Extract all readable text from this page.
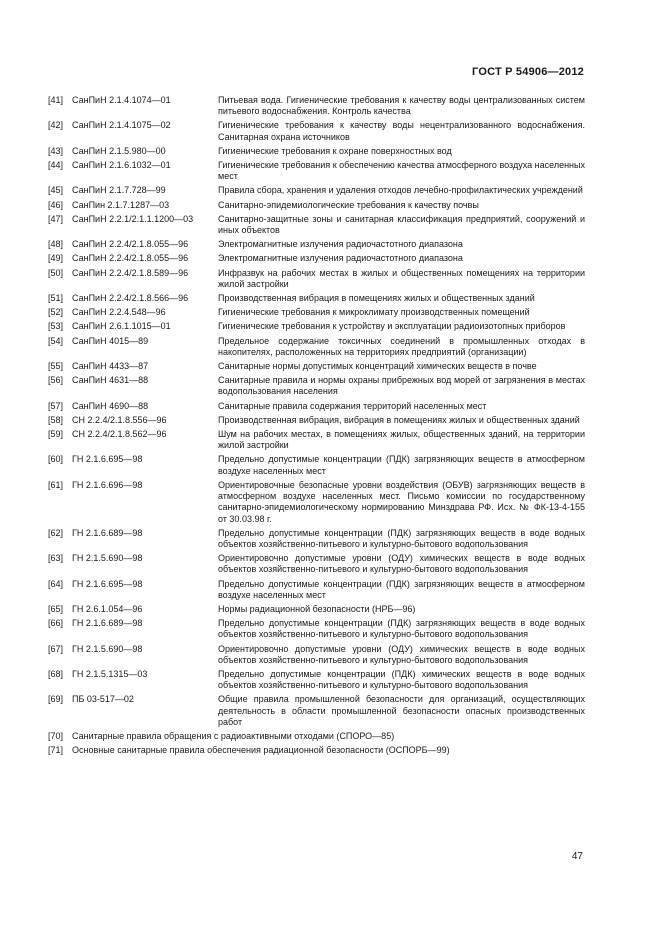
ГОСТ Р 54906—2012
[41] СанПиН 2.1.4.1074—01	Питьевая вода. Гигиенические требования к качеству воды централизованных систем питьевого водоснабжения. Контроль качества
[42] СанПиН 2.1.4.1075—02	Гигиенические требования к качеству воды нецентрализованного водоснабжения. Санитарная охрана источников
[43] СанПиН 2.1.5.980—00	Гигиенические требования к охране поверхностных вод
[44] СанПиН 2.1.6.1032—01	Гигиенические требования к обеспечению качества атмосферного воздуха населенных мест
[45] СанПиН 2.1.7.728—99	Правила сбора, хранения и удаления отходов лечебно-профилактических учреждений
[46] СанПин 2.1.7.1287—03	Санитарно-эпидемиологические требования к качеству почвы
[47] СанПиН 2.2.1/2.1.1.1200—03	Санитарно-защитные зоны и санитарная классификация предприятий, сооружений и иных объектов
[48] СанПиН 2.2.4/2.1.8.055—96	Электромагнитные излучения радиочастотного диапазона
[49] СанПиН 2.2.4/2.1.8.055—96	Электромагнитные излучения радиочастотного диапазона
[50] СанПиН 2.2.4/2.1.8.589—96	Инфразвук на рабочих местах в жилых и общественных помещениях на территории жилой застройки
[51] СанПиН 2.2.4/2.1.8.566—96	Производственная вибрация в помещениях жилых и общественных зданий
[52] СанПиН 2.2.4.548—96	Гигиенические требования к микроклимату производственных помещений
[53] СанПиН 2.6.1.1015—01	Гигиенические требования к устройству и эксплуатации радиоизотопных приборов
[54] СанПиН 4015—89	Предельное содержание токсичных соединений в промышленных отходах в накопителях, расположенных на территориях предприятий (организации)
[55] СанПиН 4433—87	Санитарные нормы допустимых концентраций химических веществ в почве
[56] СанПиН 4631—88	Санитарные правила и нормы охраны прибрежных вод морей от загрязнения в местах водопользования населения
[57] СанПиН 4690—88	Санитарные правила содержания территорий населенных мест
[58] СН 2.2.4/2.1.8.556—96	Производственная вибрация, вибрация в помещениях жилых и общественных зданий
[59] СН 2.2.4/2.1.8.562—96	Шум на рабочих местах, в помещениях жилых, общественных зданий, на территории жилой застройки
[60] ГН 2.1.6.695—98	Предельно допустимые концентрации (ПДК) загрязняющих веществ в атмосферном воздухе населенных мест
[61] ГН 2.1.6.696—98	Ориентировочные безопасные уровни воздействия (ОБУВ) загрязняющих веществ в атмосферном воздухе населенных мест. Письмо комиссии по государственному санитарно-эпидемиологическому нормированию Минздрава РФ. Исх. № ФК-13-4-155 от 30.03.98 г.
[62] ГН 2.1.6.689—98	Предельно допустимые концентрации (ПДК) загрязняющих веществ в воде водных объектов хозяйственно-питьевого и культурно-бытового водопользования
[63] ГН 2.1.5.690—98	Ориентировочно допустимые уровни (ОДУ) химических веществ в воде водных объектов хозяйственно-питьевого и культурно-бытового водопользования
[64] ГН 2.1.6.695—98	Предельно допустимые концентрации (ПДК) загрязняющих веществ в атмосферном воздухе населенных мест
[65] ГН 2.6.1.054—96	Нормы радиационной безопасности (НРБ—96)
[66] ГН 2.1.6.689—98	Предельно допустимые концентрации (ПДК) загрязняющих веществ в воде водных объектов хозяйственно-питьевого и культурно-бытового водопользования
[67] ГН 2.1.5.690—98	Ориентировочно допустимые уровни (ОДУ) химических веществ в воде водных объектов хозяйственно-питьевого и культурно-бытового водопользования
[68] ГН 2.1.5.1315—03	Предельно допустимые концентрации (ПДК) химических веществ в воде водных объектов хозяйственно-питьевого и культурно-бытового водопользования
[69] ПБ 03-517—02	Общие правила промышленной безопасности для организаций, осуществляющих деятельность в области промышленной безопасности опасных производственных работ
[70] Санитарные правила обращения с радиоактивными отходами (СПОРО—85)
[71] Основные санитарные правила обеспечения радиационной безопасности (ОСПОРБ—99)
47
